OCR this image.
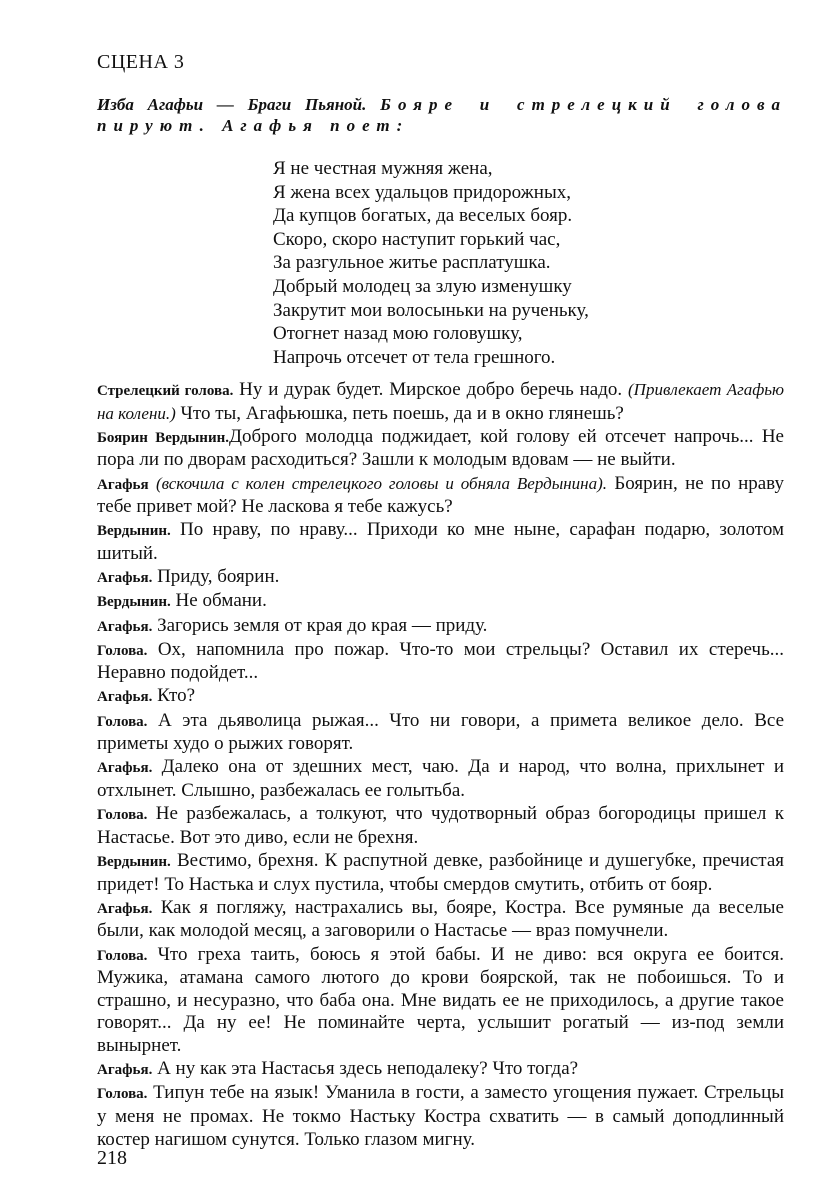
СЦЕНА 3
Изба Агафьи — Браги Пьяной. Бояре и стрелецкий голова пируют. Агафья поет:
Я не честная мужняя жена,
Я жена всех удальцов придорожных,
Да купцов богатых, да веселых бояр.
Скоро, скоро наступит горький час,
За разгульное житье расплатушка.
Добрый молодец за злую изменушку
Закрутит мои волосыньки на рученьку,
Отогнет назад мою головушку,
Напрочь отсечет от тела грешного.
Стрелецкий голова. Ну и дурак будет. Мирское добро беречь надо. (Привлекает Агафью на колени.) Что ты, Агафьюшка, петь поешь, да и в окно глянешь?
Боярин Вердынин.Доброго молодца поджидает, кой голову ей отсечет напрочь... Не пора ли по дворам расходиться? Зашли к молодым вдовам — не выйти.
Агафья (вскочила с колен стрелецкого головы и обняла Вердынина). Боярин, не по нраву тебе привет мой? Не ласкова я тебе кажусь?
Вердынин. По нраву, по нраву... Приходи ко мне ныне, сарафан подарю, золотом шитый.
Агафья. Приду, боярин.
Вердынин. Не обмани.
Агафья. Загорись земля от края до края — приду.
Голова. Ох, напомнила про пожар. Что-то мои стрельцы? Оставил их стеречь... Неравно подойдет...
Агафья. Кто?
Голова. А эта дьяволица рыжая... Что ни говори, а примета великое дело. Все приметы худо о рыжих говорят.
Агафья. Далеко она от здешних мест, чаю. Да и народ, что волна, прихлынет и отхлынет. Слышно, разбежалась ее голытьба.
Голова. Не разбежалась, а толкуют, что чудотворный образ богородицы пришел к Настасье. Вот это диво, если не брехня.
Вердынин. Вестимо, брехня. К распутной девке, разбойнице и душегубке, пречистая придет! То Настька и слух пустила, чтобы смердов смутить, отбить от бояр.
Агафья. Как я погляжу, настрахались вы, бояре, Костра. Все румяные да веселые были, как молодой месяц, а заговорили о Настасье — враз помучнели.
Голова. Что греха таить, боюсь я этой бабы. И не диво: вся округа ее боится. Мужика, атамана самого лютого до крови боярской, так не побоишься. То и страшно, и несуразно, что баба она. Мне видать ее не приходилось, а другие такое говорят... Да ну ее! Не поминайте черта, услышит рогатый — из-под земли вынырнет.
Агафья. А ну как эта Настасья здесь неподалеку? Что тогда?
Голова. Типун тебе на язык! Уманила в гости, а заместо угощения пужает. Стрельцы у меня не промах. Не токмо Настьку Костра схватить — в самый доподлинный костер нагишом сунутся. Только глазом мигну.
218
